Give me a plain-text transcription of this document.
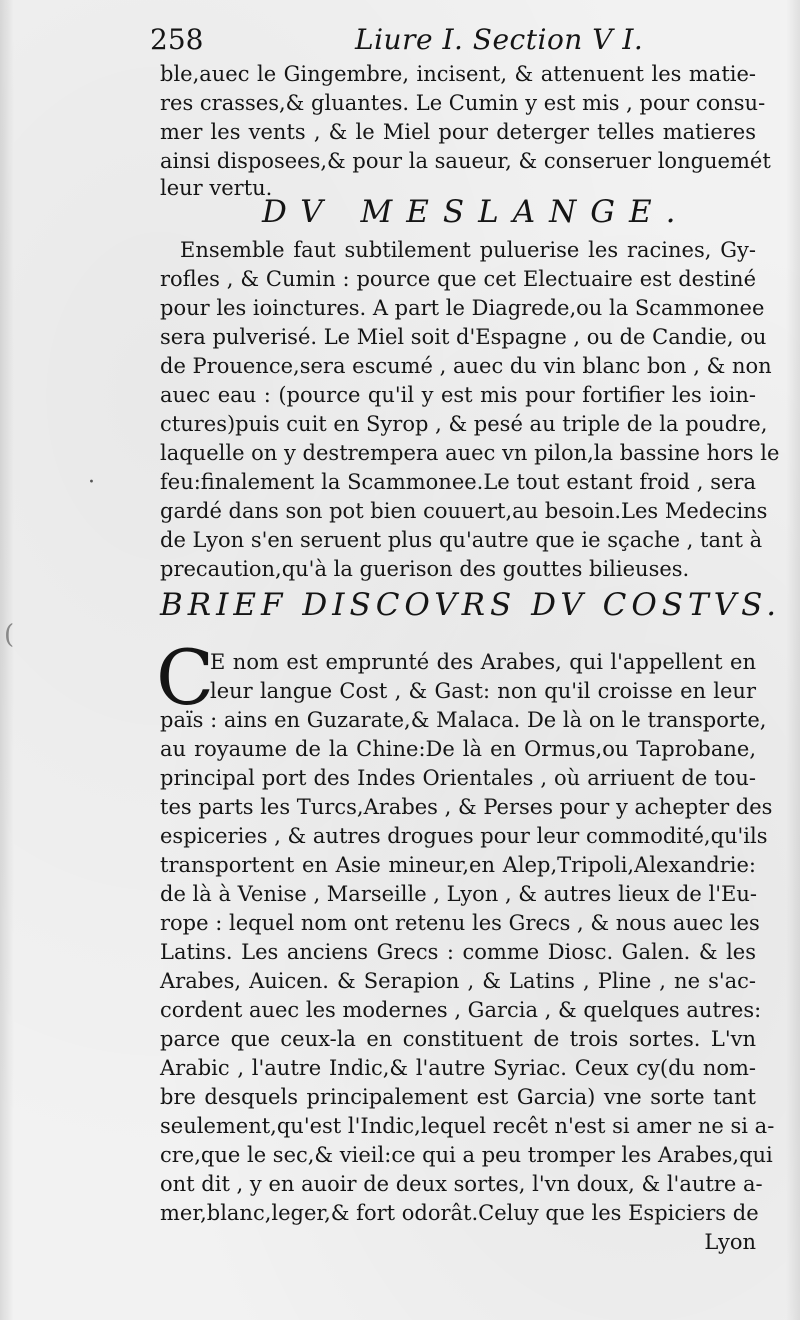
258	Liure I. Section V I.
ble,auec le Gingembre, incisent, & attenuent les matie-
res crasses,& gluantes. Le Cumin y est mis , pour consu-
mer les vents , & le Miel pour deterger telles matieres
ainsi disposees,& pour la saueur, & conseruer longuemét
leur vertu.
DV MESLANGE.
Ensemble faut subtilement puluerise les racines, Gy-
rofles , & Cumin : pource que cet Electuaire est destiné
pour les ioinctures. A part le Diagrede,ou la Scammonee
sera pulverisé. Le Miel soit d'Espagne , ou de Candie, ou
de Prouence,sera escumé , auec du vin blanc bon , & non
auec eau : (pource qu'il y est mis pour fortifier les ioin-
ctures)puis cuit en Syrop , & pesé au triple de la poudre,
laquelle on y destrempera auec vn pilon,la bassine hors le
feu:finalement la Scammonee.Le tout estant froid , sera
gardé dans son pot bien couuert,au besoin.Les Medecins
de Lyon s'en seruent plus qu'autre que ie sçache , tant à
precaution,qu'à la guerison des gouttes bilieuses.
BRIEF DISCOVRS DV COSTVS.
C
E nom est emprunté des Arabes, qui l'appellent en
leur langue Cost , & Gast: non qu'il croisse en leur
païs : ains en Guzarate,& Malaca. De là on le transporte,
au royaume de la Chine:De là en Ormus,ou Taprobane,
principal port des Indes Orientales , où arriuent de tou-
tes parts les Turcs,Arabes , & Perses pour y achepter des
espiceries , & autres drogues pour leur commodité,qu'ils
transportent en Asie mineur,en Alep,Tripoli,Alexandrie:
de là à Venise , Marseille , Lyon , & autres lieux de l'Eu-
rope : lequel nom ont retenu les Grecs , & nous auec les
Latins. Les anciens Grecs : comme Diosc. Galen. & les
Arabes, Auicen. & Serapion , & Latins , Pline , ne s'ac-
cordent auec les modernes , Garcia , & quelques autres:
parce que ceux-la en constituent de trois sortes. L'vn
Arabic , l'autre Indic,& l'autre Syriac. Ceux cy(du nom-
bre desquels principalement est Garcia) vne sorte tant
seulement,qu'est l'Indic,lequel recêt n'est si amer ne si a-
cre,que le sec,& vieil:ce qui a peu tromper les Arabes,qui
ont dit , y en auoir de deux sortes, l'vn doux, & l'autre a-
mer,blanc,leger,& fort odorât.Celuy que les Espiciers de
Lyon
·
(
